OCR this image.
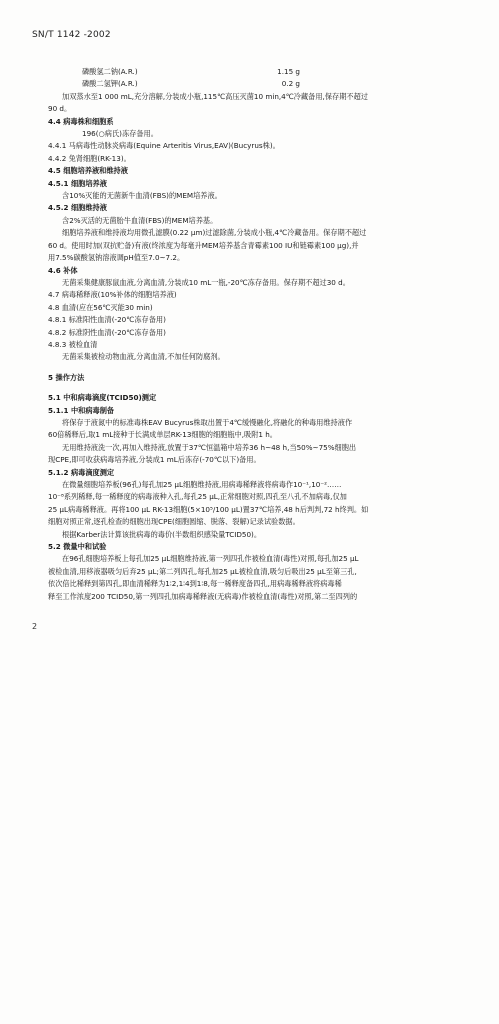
SN/T 1142 -2002
磷酸氢二钠(A.R.)	1.15 g
磷酸二氢钾(A.R.)	0.2 g

加双蒸水至1 000 mL,充分溶解,分装成小瓶,115℃高压灭菌10 min,4℃冷藏备用,保存期不超过

90 d。

4.4 病毒株和细胞系

196(○病氏)冻存备用。

4.4.1 马病毒性动脉炎病毒(Equine Arteritis Virus,EAV)(Bucyrus株)。

4.4.2 兔肾细胞(RK-13)。

4.5 细胞培养液和维持液

4.5.1 细胞培养液

含10%灭能的无菌新牛血清(FBS)的MEM培养液。

4.5.2 细胞维持液

含2%灭活的无菌胎牛血清(FBS)的MEM培养基。

细胞培养液和维持液均用微孔滤膜(0.22 μm)过滤除菌,分装成小瓶,4℃冷藏备用。保存期不超过

60 d。使用时加(双抗贮备)有液(终浓度为每毫升MEM培养基含青霉素100 IU和链霉素100 μg),并

用7.5%碳酸氢钠溶液调pH值至7.0~7.2。

4.6 补体

无菌采集健康豚鼠血液,分离血清,分装成10 mL一瓶,-20℃冻存备用。保存期不超过30 d。

4.7 病毒稀释液(10%补体的细胞培养液)

4.8 血清(应在56℃灭能30 min)

4.8.1 标准阳性血清(-20℃冻存备用)

4.8.2 标准阴性血清(-20℃冻存备用)

4.8.3 被检血清

无菌采集被检动物血液,分离血清,不加任何防腐剂。

5 操作方法

5.1 中和病毒滴度(TCID50)测定

5.1.1 中和病毒制备

将保存于液氮中的标准毒株EAV Bucyrus株取出置于4℃缓慢融化,将融化的种毒用维持液作

60倍稀释后,取1 mL接种于长满成单层RK-13细胞的细胞瓶中,吸附1 h。

无用维持液洗一次,再加入维持液,放置于37℃恒温箱中培养36 h~48 h,当50%~75%细胞出

现CPE,即可收获病毒培养液,分装成1 mL后冻存(-70℃以下)备用。

5.1.2 病毒滴度测定

在微量细胞培养板(96孔)每孔加25 μL细胞维持液,用病毒稀释液将病毒作10⁻¹,10⁻²……

10⁻⁸系列稀释,每一稀释度的病毒液种入孔,每孔25 μL,正常细胞对照,四孔至八孔不加病毒,仅加

25 μL病毒稀释液。再将100 μL RK-13细胞(5×10⁵/100 μL)置37℃培养,48 h后判判,72 h终判。如

细胞对照正常,逐孔检查的细胞出现CPE(细胞圆缩、脱落、裂解)记录试验数据。

根据Karber法计算该批病毒的毒价(半数组织感染量TCID50)。

5.2 微量中和试验

在96孔细胞培养板上每孔加25 μL细胞维持液,第一列四孔作被检血清(毒性)对照,每孔加25 μL

被检血清,用移液器吸匀后弃25 μL;第二列四孔,每孔加25 μL被检血清,吸匀后吸出25 μL至第三孔,

依次倍比稀释到第四孔,即血清稀释为1∶2,1∶4到1∶8,每一稀释度备四孔,用病毒稀释液将病毒稀

释至工作浓度200 TCID50,第一列四孔加病毒稀释液(无病毒)作被检血清(毒性)对照,第二至四列的

2
